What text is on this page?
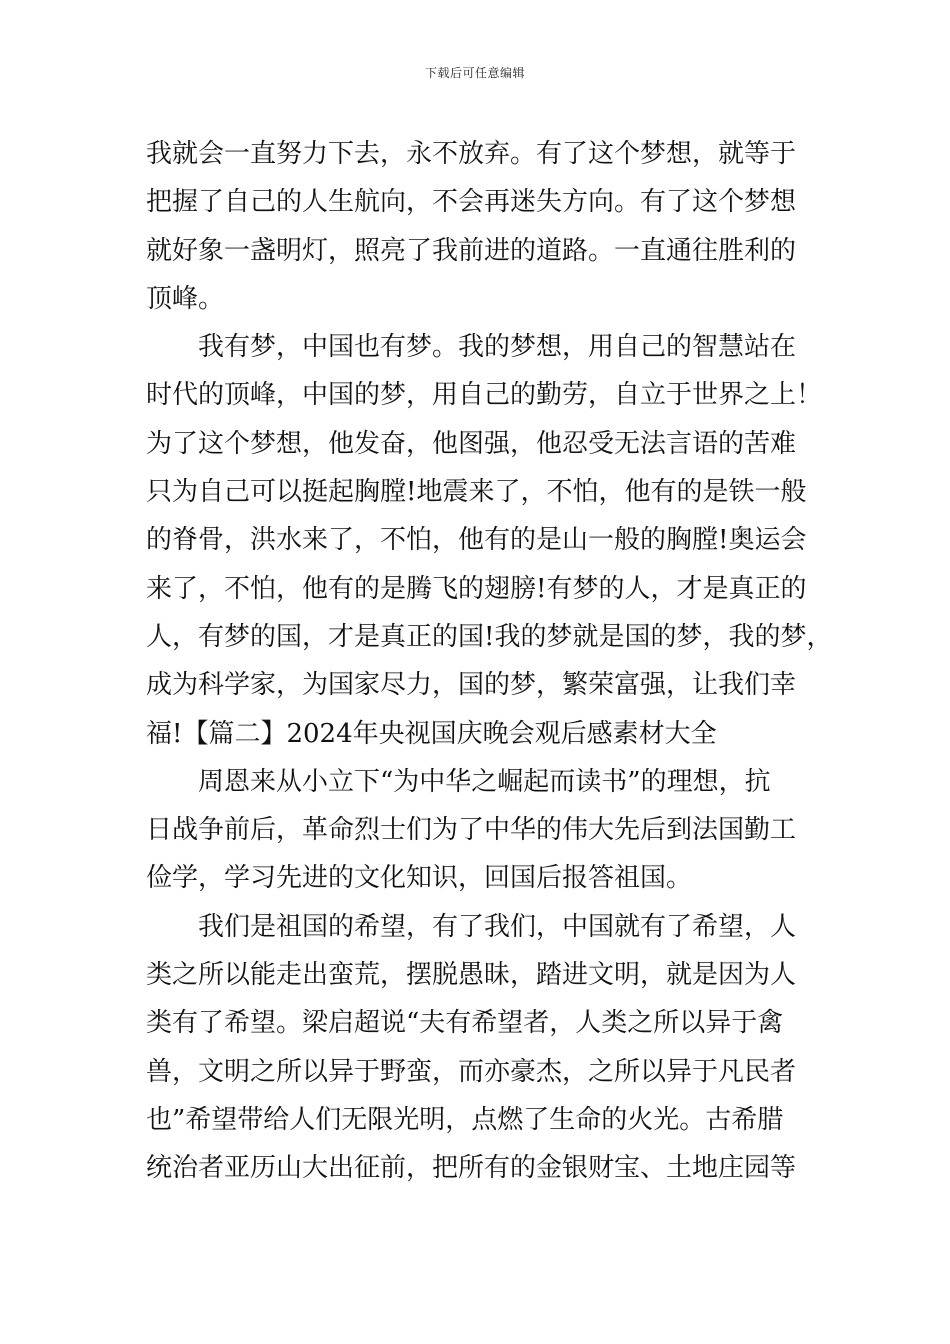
下载后可任意编辑
我就会一直努力下去，永不放弃。有了这个梦想，就等于
把握了自己的人生航向，不会再迷失方向。有了这个梦想
就好象一盏明灯，照亮了我前进的道路。一直通往胜利的
顶峰。
我有梦，中国也有梦。我的梦想，用自己的智慧站在
时代的顶峰，中国的梦，用自己的勤劳，自立于世界之上！
为了这个梦想，他发奋，他图强，他忍受无法言语的苦难
只为自己可以挺起胸膛!地震来了，不怕，他有的是铁一般
的脊骨，洪水来了，不怕，他有的是山一般的胸膛!奥运会
来了，不怕，他有的是腾飞的翅膀!有梦的人，才是真正的
人，有梦的国，才是真正的国!我的梦就是国的梦，我的梦，
成为科学家，为国家尽力，国的梦，繁荣富强，让我们幸
福!【篇二】2024年央视国庆晚会观后感素材大全
周恩来从小立下“为中华之崛起而读书”的理想，抗
日战争前后，革命烈士们为了中华的伟大先后到法国勤工
俭学，学习先进的文化知识，回国后报答祖国。
我们是祖国的希望，有了我们，中国就有了希望，人
类之所以能走出蛮荒，摆脱愚昧，踏进文明，就是因为人
类有了希望。梁启超说“夫有希望者，人类之所以异于禽
兽，文明之所以异于野蛮，而亦豪杰，之所以异于凡民者
也”希望带给人们无限光明，点燃了生命的火光。古希腊
统治者亚历山大出征前，把所有的金银财宝、土地庄园等
